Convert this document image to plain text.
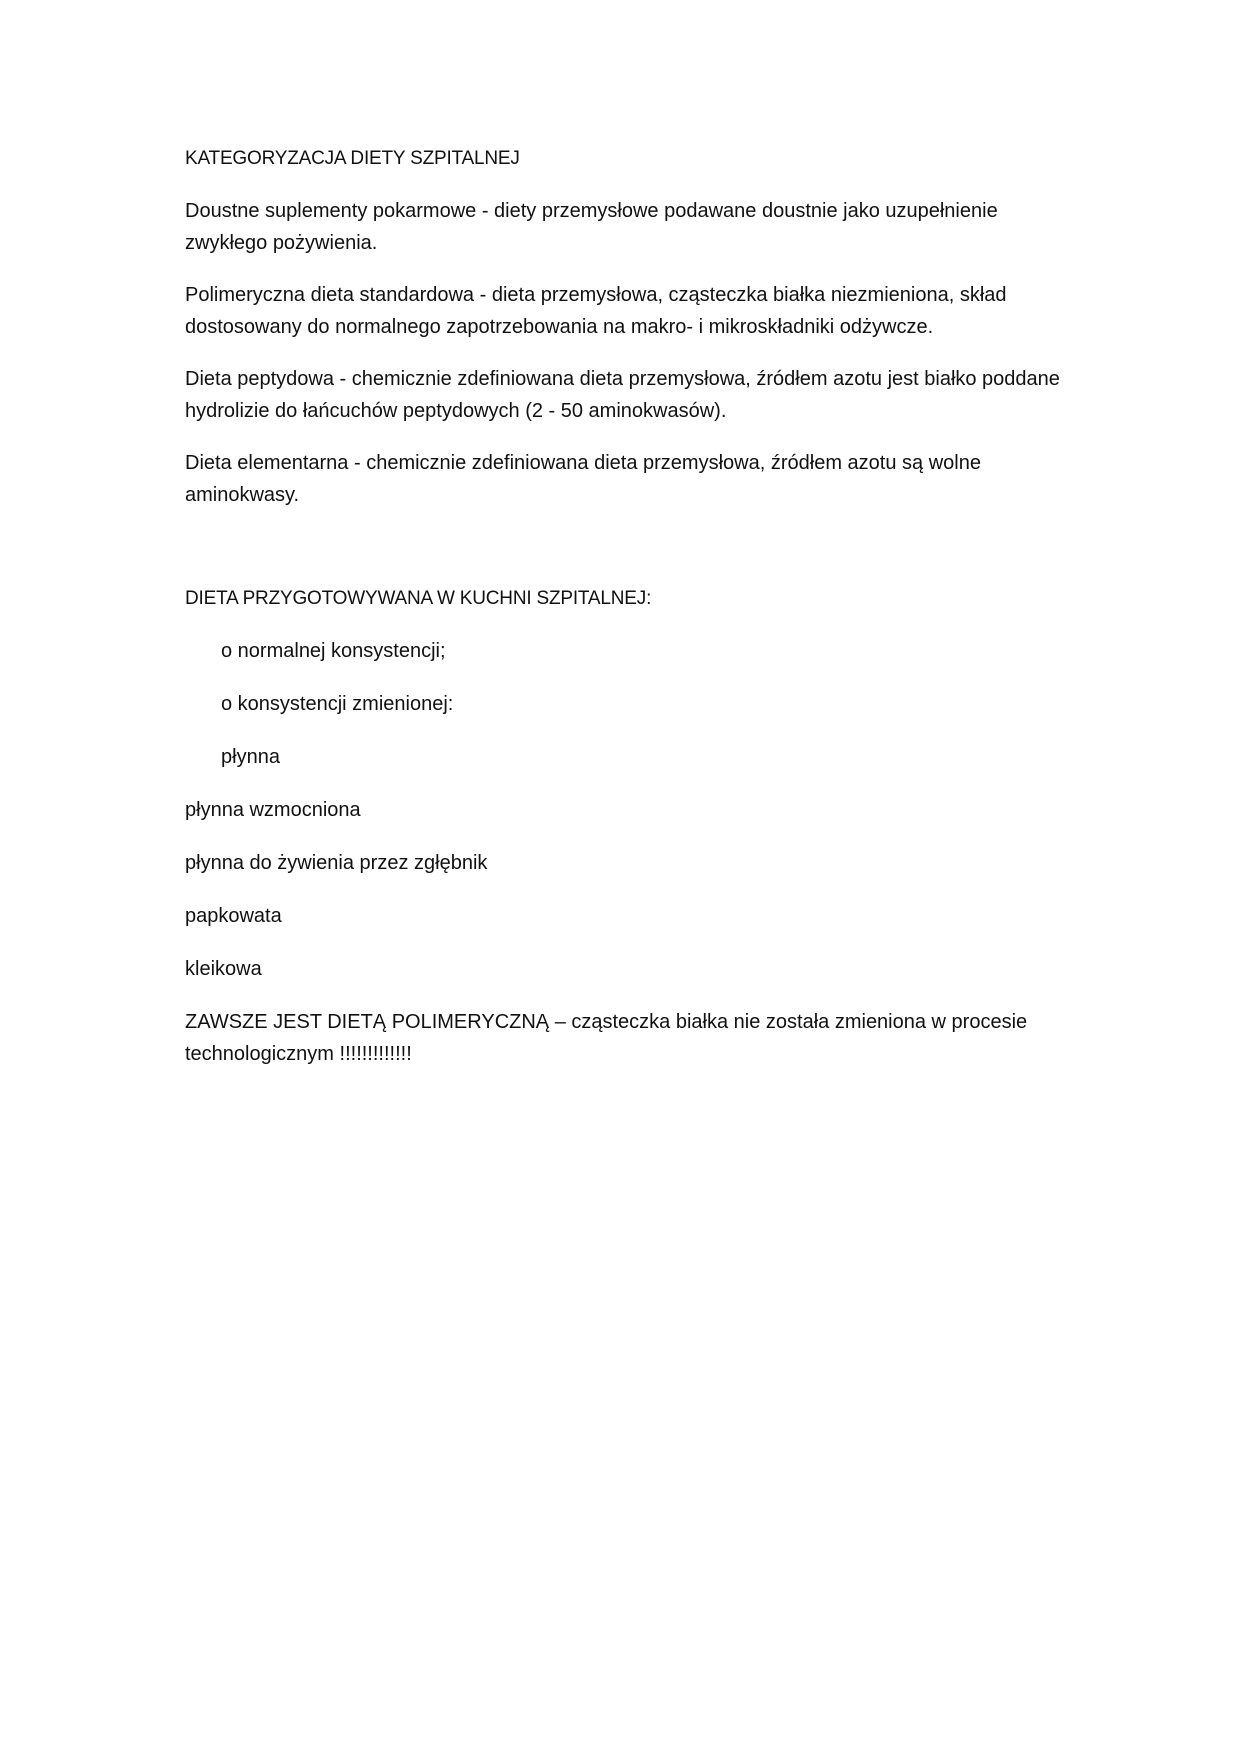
KATEGORYZACJA DIETY SZPITALNEJ

Doustne suplementy pokarmowe - diety przemysłowe podawane doustnie jako uzupełnienie zwykłego pożywienia.

Polimeryczna dieta standardowa - dieta przemysłowa, cząsteczka białka niezmieniona, skład dostosowany do normalnego zapotrzebowania na makro- i mikroskładniki odżywcze.

Dieta peptydowa - chemicznie zdefiniowana dieta przemysłowa, źródłem azotu jest białko poddane hydrolizie do łańcuchów peptydowych (2 - 50 aminokwasów).

Dieta elementarna - chemicznie zdefiniowana dieta przemysłowa, źródłem azotu są wolne aminokwasy.

DIETA PRZYGOTOWYWANA W KUCHNI SZPITALNEJ:

o normalnej konsystencji;

o konsystencji zmienionej:

płynna

płynna wzmocniona

płynna do żywienia przez zgłębnik

papkowata

kleikowa

ZAWSZE JEST DIETĄ POLIMERYCZNĄ – cząsteczka białka nie została zmieniona w procesie technologicznym !!!!!!!!!!!!!
